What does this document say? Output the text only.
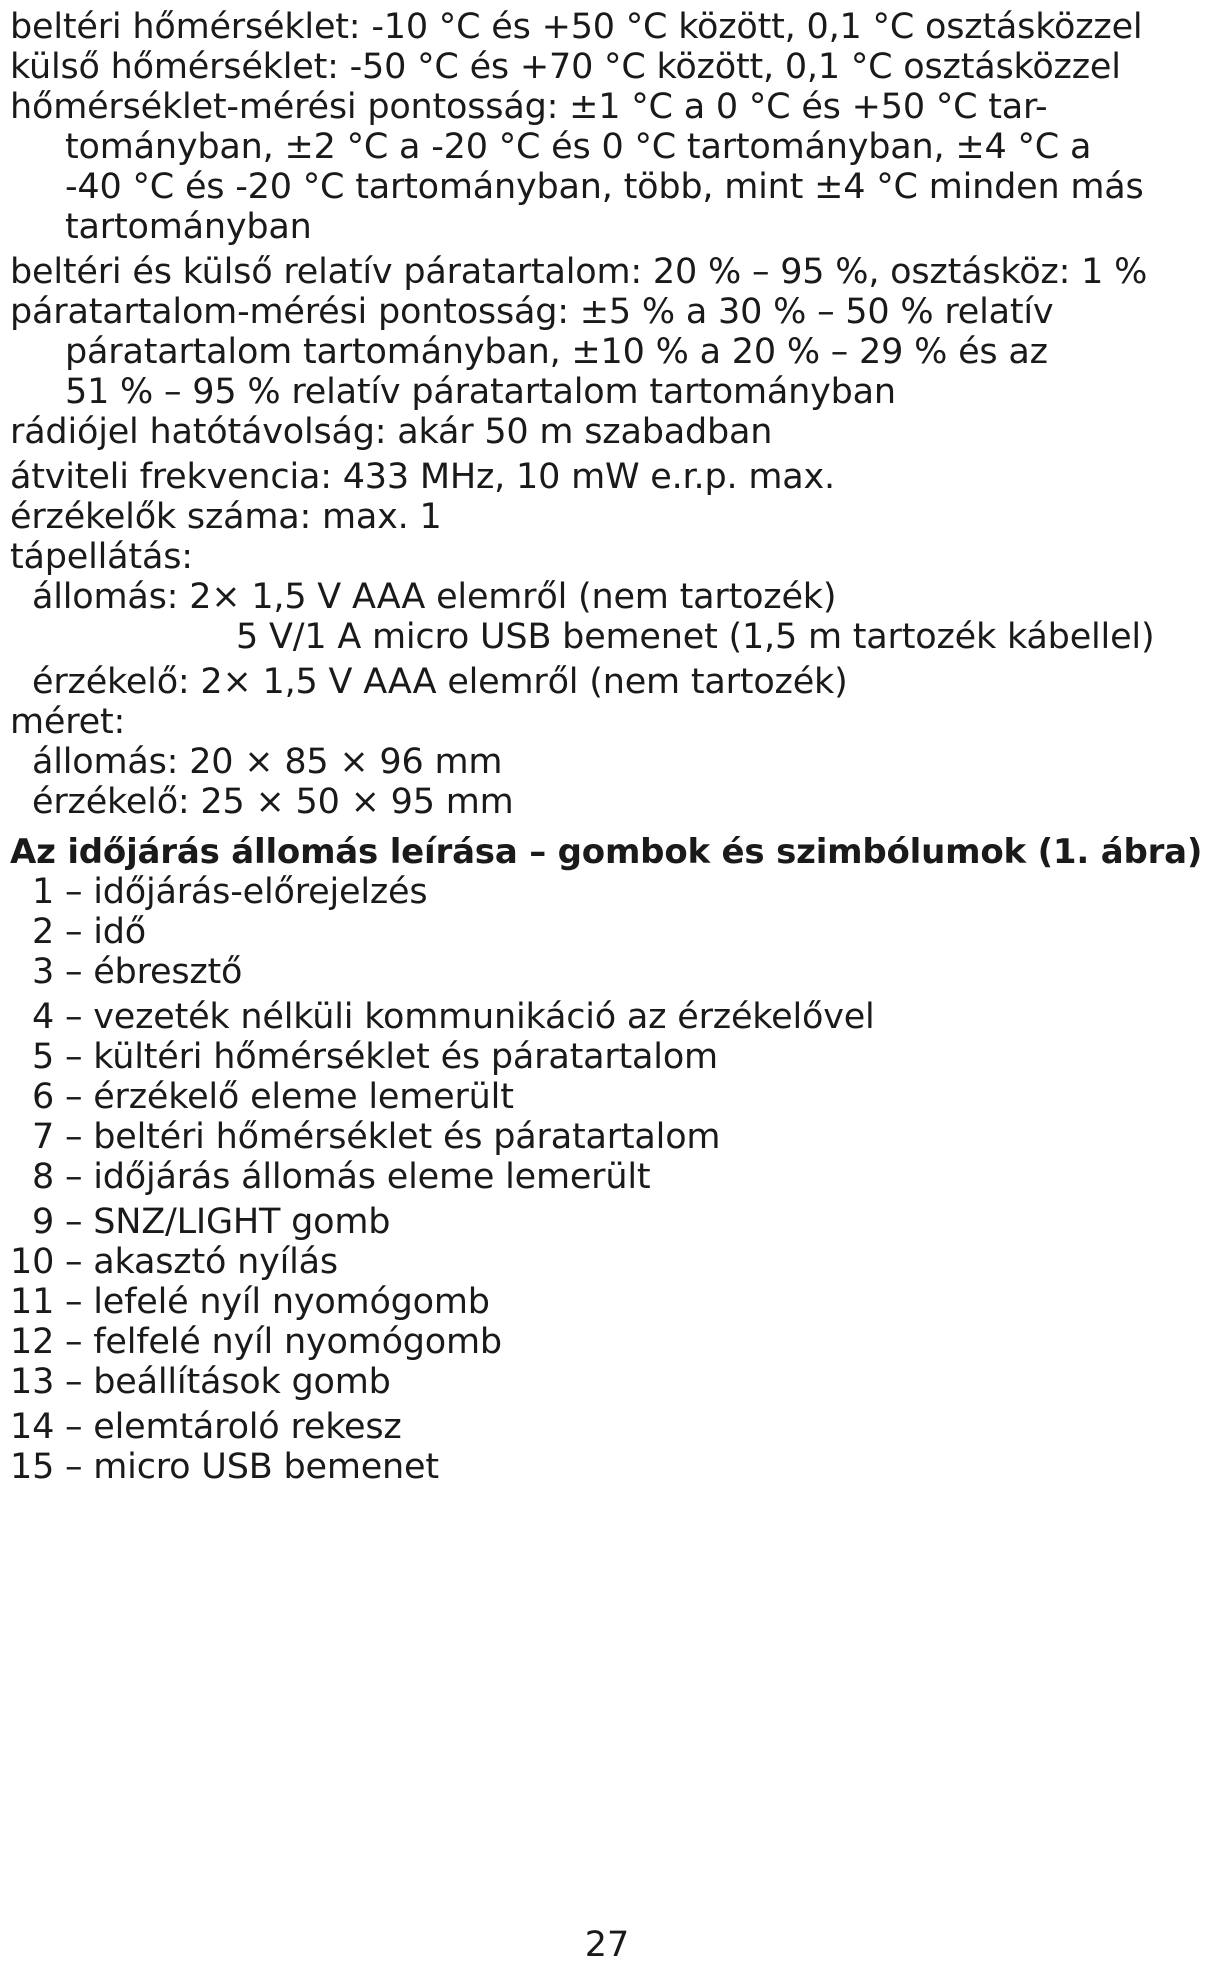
beltéri hőmérséklet: -10 °C és +50 °C között, 0,1 °C osztásközzel
külső hőmérséklet: -50 °C és +70 °C között, 0,1 °C osztásközzel
hőmérséklet-mérési pontosság: ±1 °C a 0 °C és +50 °C tar-
tományban, ±2 °C a -20 °C és 0 °C tartományban, ±4 °C a
-40 °C és -20 °C tartományban, több, mint ±4 °C minden más
tartományban
beltéri és külső relatív páratartalom: 20 % – 95 %, osztásköz: 1 %
páratartalom-mérési pontosság: ±5 % a 30 % – 50 % relatív
páratartalom tartományban, ±10 % a 20 % – 29 % és az
51 % – 95 % relatív páratartalom tartományban
rádiójel hatótávolság: akár 50 m szabadban
átviteli frekvencia: 433 MHz, 10 mW e.r.p. max.
érzékelők száma: max. 1
tápellátás:
állomás: 2× 1,5 V AAA elemről (nem tartozék)
5 V/1 A micro USB bemenet (1,5 m tartozék kábellel)
érzékelő: 2× 1,5 V AAA elemről (nem tartozék)
méret:
állomás: 20 × 85 × 96 mm
érzékelő: 25 × 50 × 95 mm
Az időjárás állomás leírása – gombok és szimbólumok (1. ábra)
1 – időjárás-előrejelzés
2 – idő
3 – ébresztő
4 – vezeték nélküli kommunikáció az érzékelővel
5 – kültéri hőmérséklet és páratartalom
6 – érzékelő eleme lemerült
7 – beltéri hőmérséklet és páratartalom
8 – időjárás állomás eleme lemerült
9 – SNZ/LIGHT gomb
10 – akasztó nyílás
11 – lefelé nyíl nyomógomb
12 – felfelé nyíl nyomógomb
13 – beállítások gomb
14 – elemtároló rekesz
15 – micro USB bemenet
27
